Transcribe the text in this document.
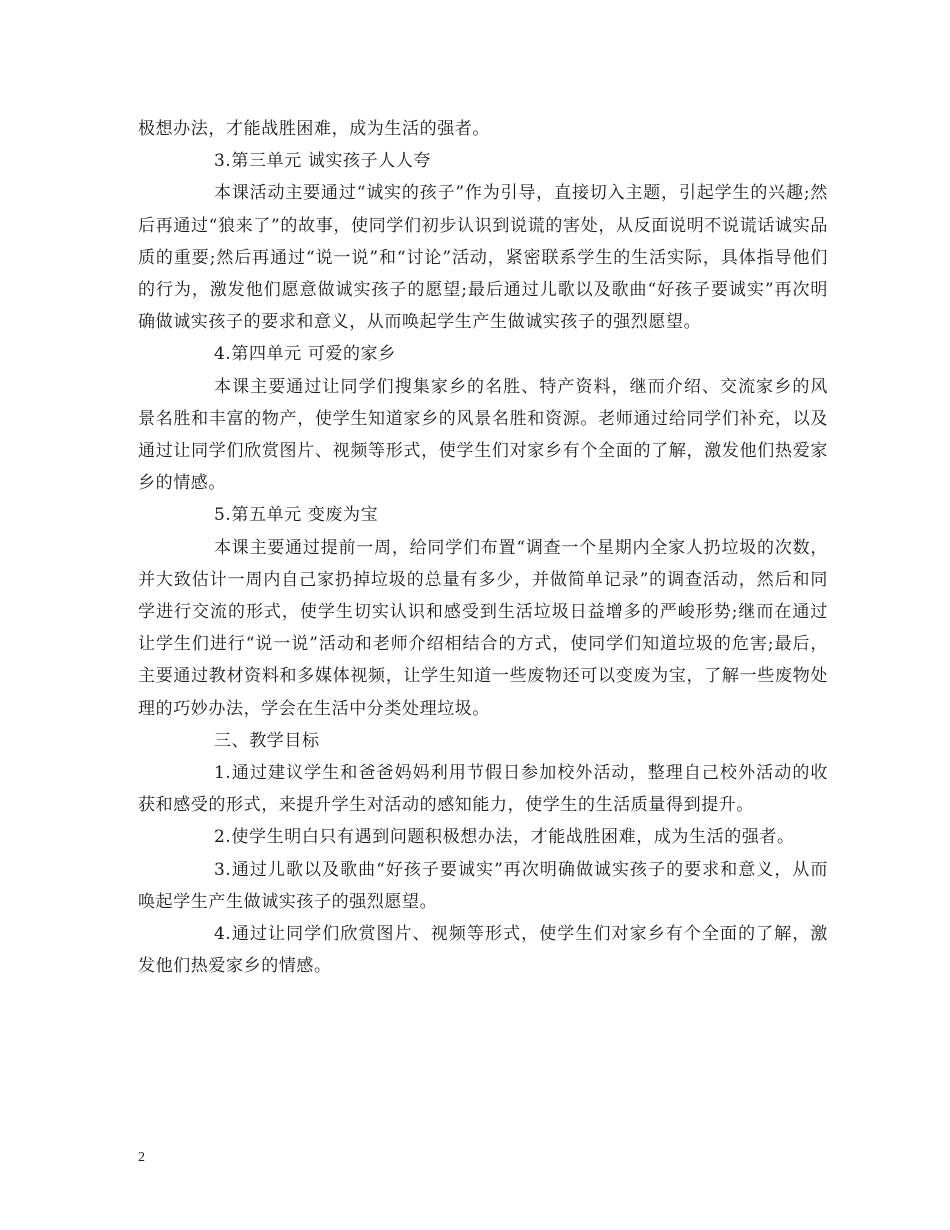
极想办法，才能战胜困难，成为生活的强者。

3.第三单元 诚实孩子人人夸

本课活动主要通过“诚实的孩子”作为引导，直接切入主题，引起学生的兴趣;然后再通过“狼来了”的故事，使同学们初步认识到说谎的害处，从反面说明不说谎话诚实品质的重要;然后再通过“说一说”和“讨论”活动，紧密联系学生的生活实际，具体指导他们的行为，激发他们愿意做诚实孩子的愿望;最后通过儿歌以及歌曲“好孩子要诚实”再次明确做诚实孩子的要求和意义，从而唤起学生产生做诚实孩子的强烈愿望。

4.第四单元 可爱的家乡

本课主要通过让同学们搜集家乡的名胜、特产资料，继而介绍、交流家乡的风景名胜和丰富的物产，使学生知道家乡的风景名胜和资源。老师通过给同学们补充，以及通过让同学们欣赏图片、视频等形式，使学生们对家乡有个全面的了解，激发他们热爱家乡的情感。

5.第五单元 变废为宝

本课主要通过提前一周，给同学们布置“调查一个星期内全家人扔垃圾的次数，并大致估计一周内自己家扔掉垃圾的总量有多少，并做简单记录”的调查活动，然后和同学进行交流的形式，使学生切实认识和感受到生活垃圾日益增多的严峻形势;继而在通过让学生们进行“说一说”活动和老师介绍相结合的方式，使同学们知道垃圾的危害;最后，主要通过教材资料和多媒体视频，让学生知道一些废物还可以变废为宝，了解一些废物处理的巧妙办法，学会在生活中分类处理垃圾。

三、教学目标

1.通过建议学生和爸爸妈妈利用节假日参加校外活动，整理自己校外活动的收获和感受的形式，来提升学生对活动的感知能力，使学生的生活质量得到提升。

2.使学生明白只有遇到问题积极想办法，才能战胜困难，成为生活的强者。

3.通过儿歌以及歌曲“好孩子要诚实”再次明确做诚实孩子的要求和意义，从而唤起学生产生做诚实孩子的强烈愿望。

4.通过让同学们欣赏图片、视频等形式，使学生们对家乡有个全面的了解，激发他们热爱家乡的情感。

2
